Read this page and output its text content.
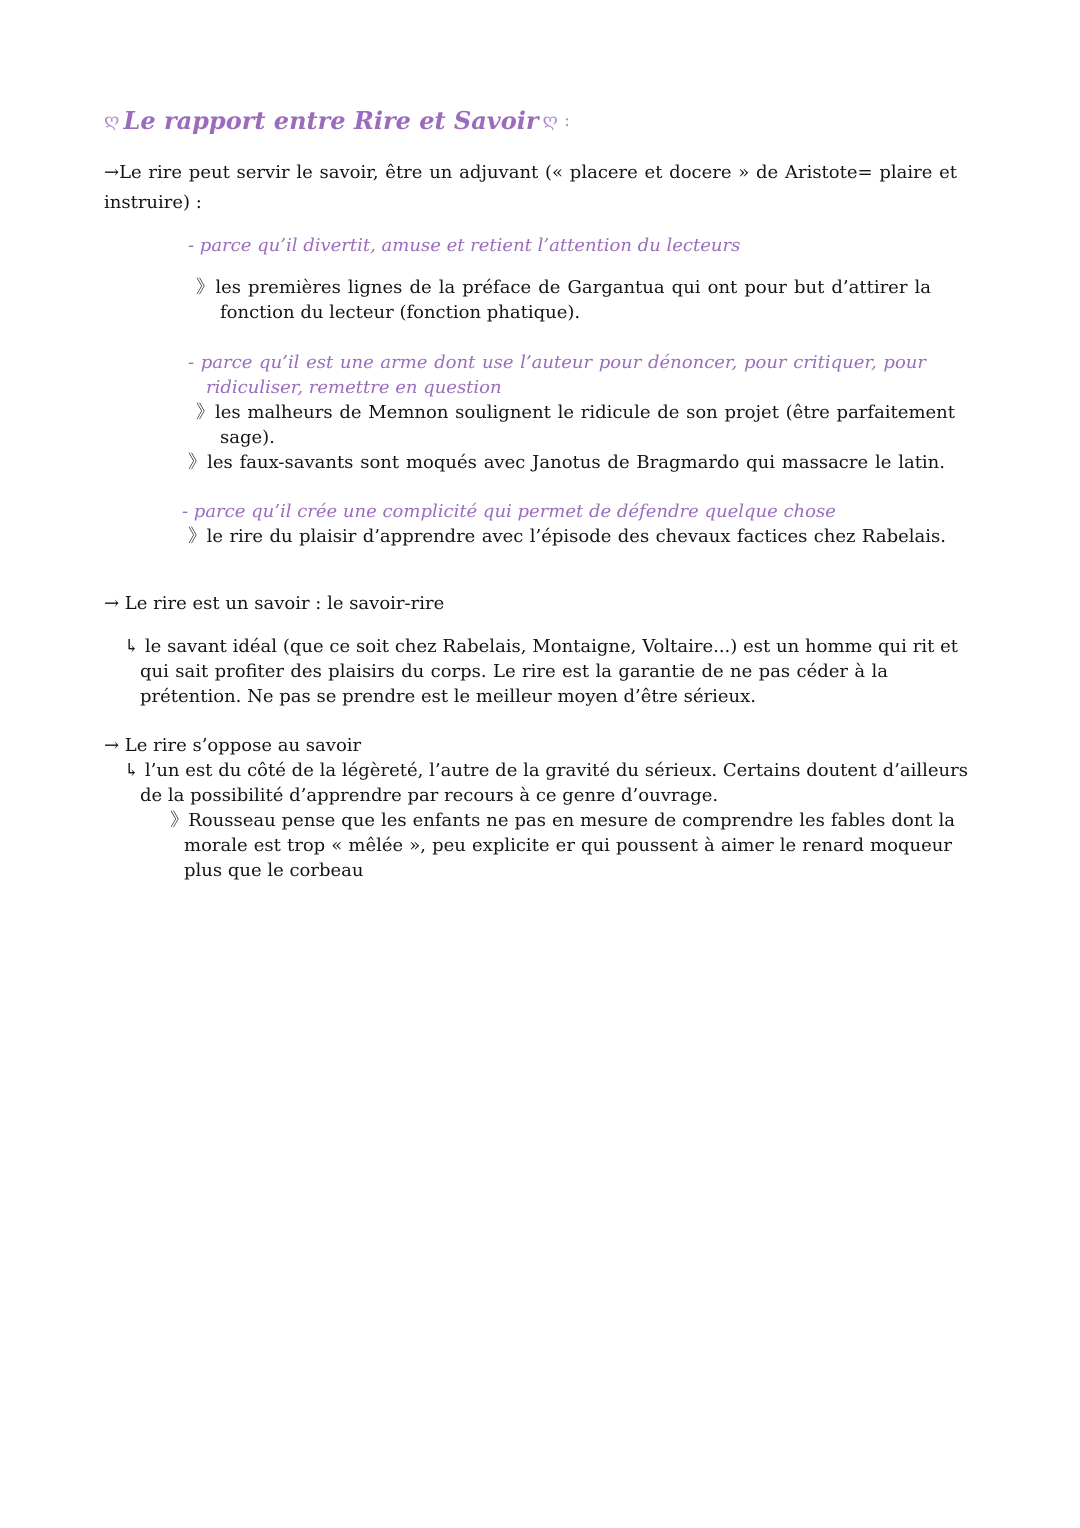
ღ Le rapport entre Rire et Savoir ღ :
→Le rire peut servir le savoir, être un adjuvant (« placere et docere » de Aristote= plaire et
instruire) :
- parce qu’il divertit, amuse et retient l’attention du lecteurs
》les premières lignes de la préface de Gargantua qui ont pour but d’attirer la
fonction du lecteur (fonction phatique).
- parce qu’il est une arme dont use l’auteur pour dénoncer, pour critiquer, pour
ridiculiser, remettre en question
》les malheurs de Memnon soulignent le ridicule de son projet (être parfaitement
sage).
》les faux-savants sont moqués avec Janotus de Bragmardo qui massacre le latin.
- parce qu’il crée une complicité qui permet de défendre quelque chose
》le rire du plaisir d’apprendre avec l’épisode des chevaux factices chez Rabelais.
→ Le rire est un savoir : le savoir-rire
↳ le savant idéal (que ce soit chez Rabelais, Montaigne, Voltaire...) est un homme qui rit et
qui sait profiter des plaisirs du corps. Le rire est la garantie de ne pas céder à la
prétention. Ne pas se prendre est le meilleur moyen d’être sérieux.
→ Le rire s’oppose au savoir
↳ l’un est du côté de la légèreté, l’autre de la gravité du sérieux. Certains doutent d’ailleurs
de la possibilité d’apprendre par recours à ce genre d’ouvrage.
》Rousseau pense que les enfants ne pas en mesure de comprendre les fables dont la
morale est trop « mêlée », peu explicite er qui poussent à aimer le renard moqueur
plus que le corbeau
